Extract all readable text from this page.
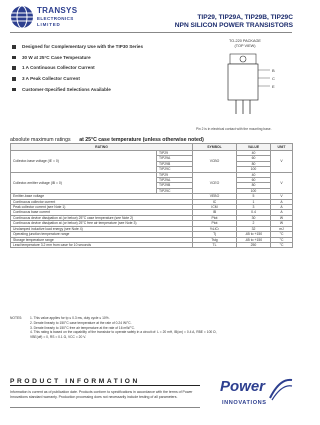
TRANSYS
ELECTRONICS
LIMITED
TIP29, TIP29A, TIP29B, TIP29C
NPN SILICON POWER TRANSISTORS
Designed for Complementary Use with the TIP30 Series
30 W at 25°C Case Temperature
1 A Continuous Collector Current
3 A Peak Collector Current
Customer-Specified Selections Available
TO-220 PACKAGE
(TOP VIEW)
B
C
E
Pin 2 is in electrical contact with the mounting base.
absolute maximum ratings at 25°C case temperature (unless otherwise noted)
RATING		SYMBOL	VALUE	UNIT
Collector-base voltage (IE = 0)	TIP29	VCBO	40	V
	TIP29A		60	
	TIP29B		80	
	TIP29C		100	
Collector-emitter voltage (IB = 0)	TIP29	VCEO	40	V
	TIP29A		60	
	TIP29B		80	
	TIP29C		100	
Emitter-base voltage		VEBO	5	V
Continuous collector current		IC	1	A
Peak collector current (see Note 1)		ICM	3	A
Continuous base current		IB	0.4	A
Continuous device dissipation at (or below) 25°C case temperature (see Note 2)		Ptot	30	W
Continuous device dissipation at (or below) 25°C free air temperature (see Note 3)		Ptot	2	W
Unclamped inductive load energy (see Note 4)		½LIC²	32	mJ
Operating junction temperature range		Tj	-65 to +150	°C
Storage temperature range		Tstg	-65 to +150	°C
Lead temperature 3.2 mm from case for 10 seconds		TL	250	°C
NOTES:	1. This value applies for tp ≤ 0.3 ms, duty cycle ≤ 10%.
2. Derate linearly to 150°C case temperature at the rate of 0.24 W/°C.
3. Derate linearly to 150°C free air temperature at the rate of 16 mW/°C.
4. This rating is based on the capability of the transistor to operate safely in a circuit of: L = 20 mH, IB(on) = 0.4 A, RBE = 100 Ω,
VBE(off) = 0, RS = 0.1 Ω, VCC = 20 V.
PRODUCT INFORMATION
Information is current as of publication date. Products conform to specifications in accordance with the terms of Power Innovations standard warranty. Production processing does not necessarily include testing of all parameters.
Power
INNOVATIONS
